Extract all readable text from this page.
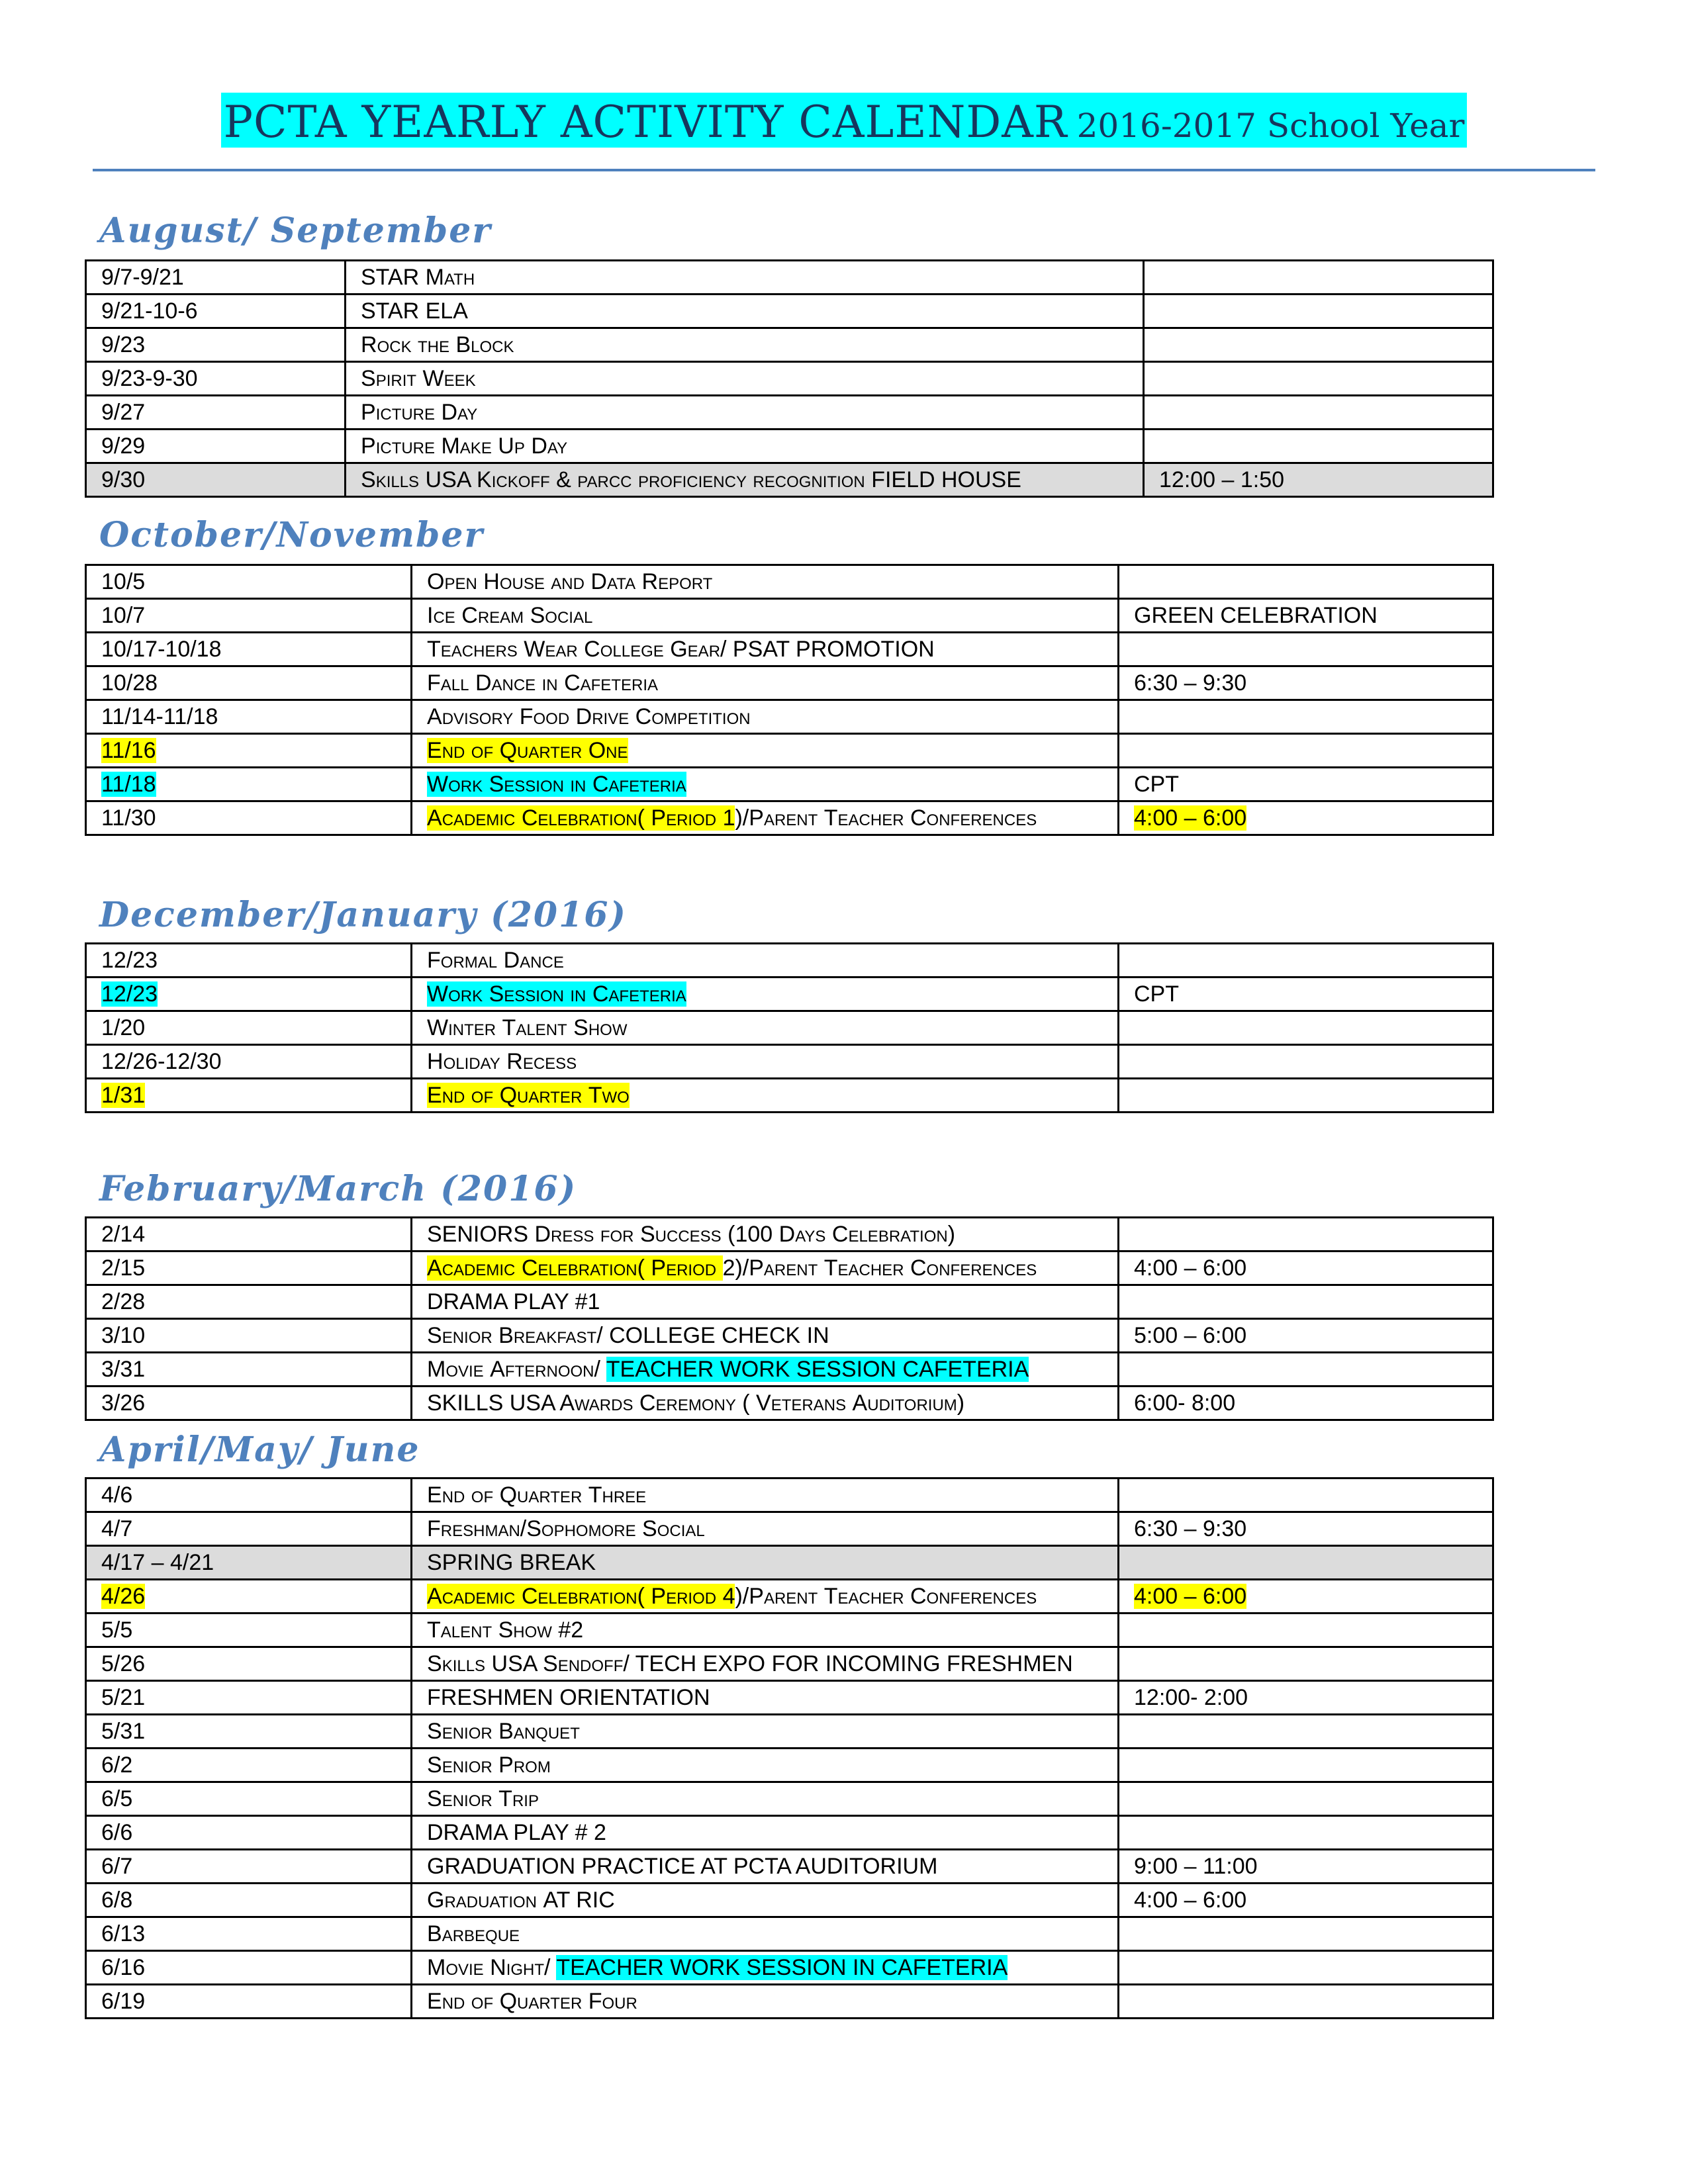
PCTA YEARLY ACTIVITY CALENDAR 2016-2017 School Year
August/ September
9/7-9/21	STAR Math	
9/21-10-6	STAR ELA	
9/23	Rock the Block	
9/23-9-30	Spirit Week	
9/27	Picture Day	
9/29	Picture Make Up Day	
9/30	Skills USA Kickoff & parcc proficiency recognition FIELD HOUSE	12:00 – 1:50
October/November
10/5	Open House and Data Report	
10/7	Ice Cream Social	GREEN CELEBRATION
10/17-10/18	Teachers Wear College Gear/ PSAT PROMOTION	
10/28	Fall Dance in Cafeteria	6:30 – 9:30
11/14-11/18	Advisory Food Drive Competition	
11/16	End of Quarter One	
11/18	Work Session in Cafeteria	CPT
11/30	Academic Celebration( Period 1)/Parent Teacher Conferences	4:00 – 6:00
December/January (2016)
12/23	Formal Dance	
12/23	Work Session in Cafeteria	CPT
1/20	Winter Talent Show	
12/26-12/30	Holiday Recess	
1/31	End of Quarter Two	
February/March (2016)
2/14	SENIORS Dress for Success (100 Days Celebration)	
2/15	Academic Celebration( Period 2)/Parent Teacher Conferences	4:00 – 6:00
2/28	DRAMA PLAY #1	
3/10	Senior Breakfast/ COLLEGE CHECK IN	5:00 – 6:00
3/31	Movie Afternoon/ TEACHER WORK SESSION CAFETERIA	
3/26	SKILLS USA Awards Ceremony ( Veterans Auditorium)	6:00- 8:00
April/May/ June
4/6	End of Quarter Three	
4/7	Freshman/Sophomore Social	6:30 – 9:30
4/17 – 4/21	SPRING BREAK	
4/26	Academic Celebration( Period 4)/Parent Teacher Conferences	4:00 – 6:00
5/5	Talent Show #2	
5/26	Skills USA Sendoff/ TECH EXPO FOR INCOMING FRESHMEN	
5/21	FRESHMEN ORIENTATION	12:00- 2:00
5/31	Senior Banquet	
6/2	Senior Prom	
6/5	Senior Trip	
6/6	DRAMA PLAY # 2	
6/7	GRADUATION PRACTICE AT PCTA AUDITORIUM	9:00 – 11:00
6/8	Graduation AT RIC	4:00 – 6:00
6/13	Barbeque	
6/16	Movie Night/ TEACHER WORK SESSION IN CAFETERIA	
6/19	End of Quarter Four	
